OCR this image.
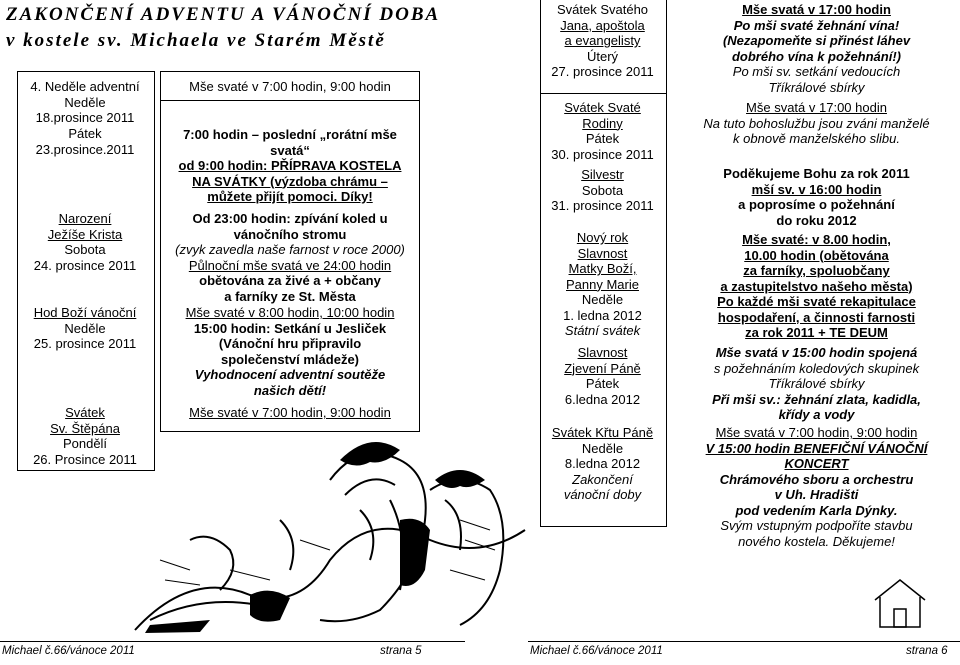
ZAKONČENÍ ADVENTU A VÁNOČNÍ DOBA
v kostele sv. Michaela ve Starém Městě
4. Neděle adventní
Neděle
18.prosince 2011
Pátek
23.prosince.2011
Narození
Ježíše Krista
Sobota
24. prosince 2011
Hod Boží vánoční
Neděle
25. prosince 2011
Svátek
Sv. Štěpána
Pondělí
26. Prosince 2011
Mše svaté v 7:00 hodin, 9:00 hodin
7:00 hodin – poslední „rorátní mše
svatá“
od 9:00 hodin: PŘÍPRAVA KOSTELA
NA SVÁTKY (výzdoba chrámu –
můžete přijít pomoci. Díky!
Od 23:00 hodin: zpívání koled u
vánočního stromu
(zvyk zavedla naše farnost v roce 2000)
Půlnoční mše svatá ve 24:00 hodin
obětována za živé a + občany
a farníky ze St. Města
Mše svaté v 8:00 hodin, 10:00 hodin
15:00 hodin: Setkání u Jesliček
(Vánoční hru připravilo
společenství mládeže)
Vyhodnocení adventní soutěže
našich dětí!
Mše svaté v 7:00 hodin, 9:00 hodin
Michael č.66/vánoce 2011	strana 5
Svátek Svatého
Jana, apoštola
a evangelisty
Úterý
27. prosince 2011
Svátek Svaté
Rodiny
Pátek
30. prosince 2011
Silvestr
Sobota
31. prosince 2011
Nový rok
Slavnost
Matky Boží,
Panny Marie
Neděle
1. ledna 2012
Státní svátek
Slavnost
Zjevení Páně
Pátek
6.ledna 2012
Svátek Křtu Páně
Neděle
8.ledna 2012
Zakončení
vánoční doby
Mše svatá v 17:00 hodin
Po mši svaté žehnání vína!
(Nezapomeňte si přinést láhev
dobrého vína k požehnání!)
Po mši sv. setkání vedoucích
Tříkrálové sbírky
Mše svatá v 17:00 hodin
Na tuto bohoslužbu jsou zváni manželé
k obnově manželského slibu.
Poděkujeme Bohu za rok 2011
mší sv. v 16:00 hodin
a poprosíme o požehnání
do roku 2012
Mše svaté: v 8.00 hodin,
10.00 hodin (obětována
za farníky, spoluobčany
a zastupitelstvo našeho města)
Po každé mši svaté rekapitulace
hospodaření, a činnosti farnosti
za rok 2011 + TE DEUM
Mše svatá v 15:00 hodin spojená
s požehnáním koledových skupinek
Tříkrálové sbírky
Při mši sv.: žehnání zlata, kadidla,
křídy a vody
Mše svatá v 7:00 hodin, 9:00 hodin
V 15:00 hodin BENEFIČNÍ VÁNOČNÍ
KONCERT
Chrámového sboru a orchestru
v Uh. Hradišti
pod vedením Karla Dýnky.
Svým vstupným podpoříte stavbu
nového kostela. Děkujeme!
Michael č.66/vánoce 2011	strana 6
